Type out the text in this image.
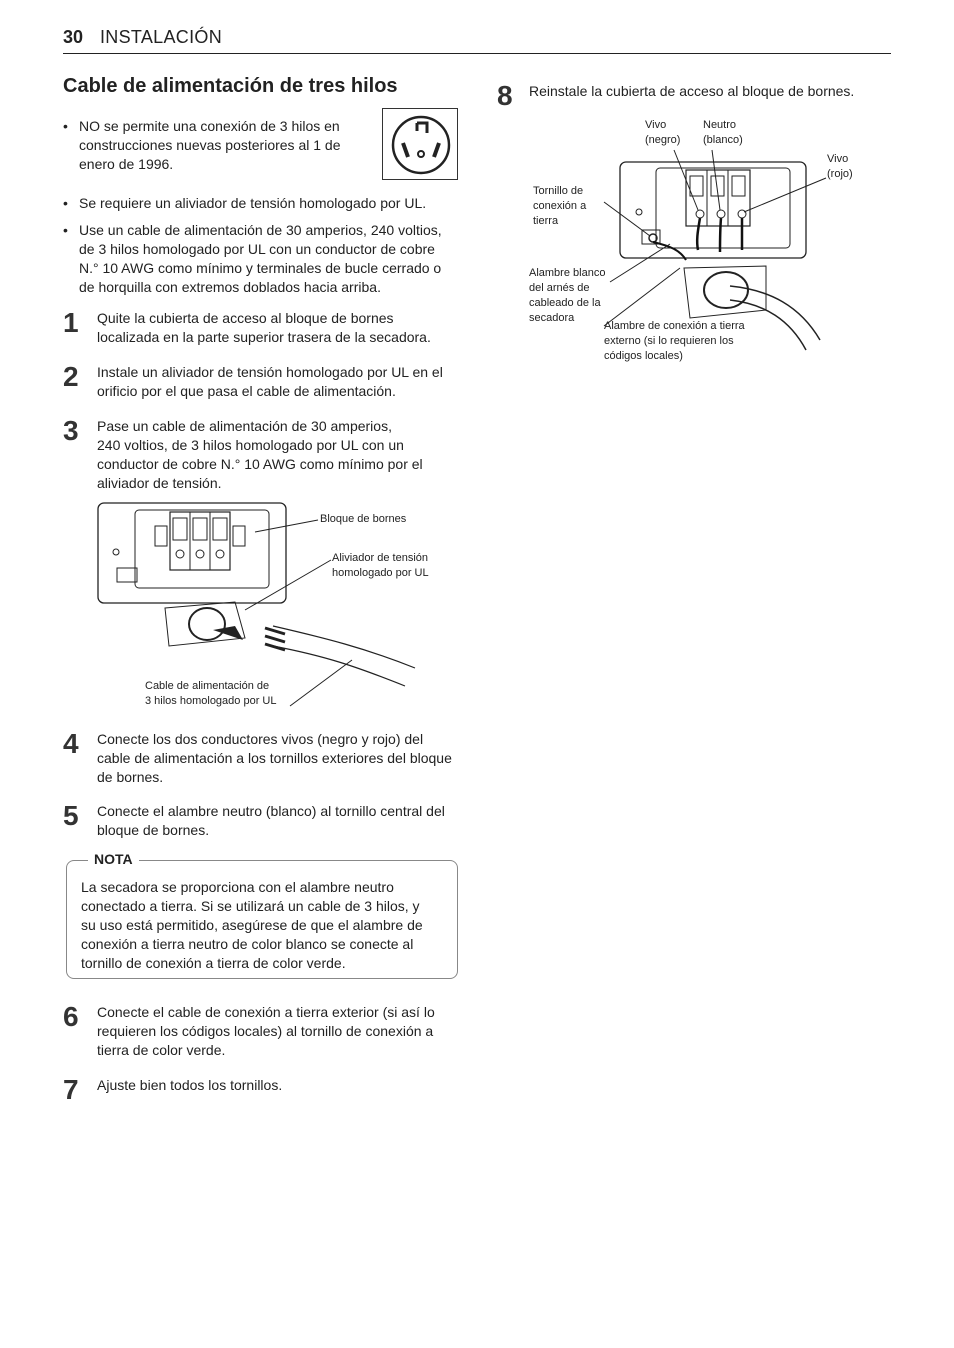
30 INSTALACIÓN
Cable de alimentación de tres hilos
• NO se permite una conexión de 3 hilos en
construcciones nuevas posteriores al 1 de
enero de 1996.
• Se requiere un aliviador de tensión homologado por UL.
• Use un cable de alimentación de 30 amperios, 240 voltios,
de 3 hilos homologado por UL con un conductor de cobre
N.° 10 AWG como mínimo y terminales de bucle cerrado o
de horquilla con extremos doblados hacia arriba.
1 Quite la cubierta de acceso al bloque de bornes
localizada en la parte superior trasera de la secadora.
2 Instale un aliviador de tensión homologado por UL en el
orificio por el que pasa el cable de alimentación.
3 Pase un cable de alimentación de 30 amperios,
240 voltios, de 3 hilos homologado por UL con un
conductor de cobre N.° 10 AWG como mínimo por el
aliviador de tensión.
Bloque de bornes
Aliviador de tensión
homologado por UL
Cable de alimentación de
3 hilos homologado por UL
4 Conecte los dos conductores vivos (negro y rojo) del
cable de alimentación a los tornillos exteriores del bloque
de bornes.
5 Conecte el alambre neutro (blanco) al tornillo central del
bloque de bornes.
NOTA
La secadora se proporciona con el alambre neutro
conectado a tierra. Si se utilizará un cable de 3 hilos, y
su uso está permitido, asegúrese de que el alambre de
conexión a tierra neutro de color blanco se conecte al
tornillo de conexión a tierra de color verde.
6 Conecte el cable de conexión a tierra exterior (si así lo
requieren los códigos locales) al tornillo de conexión a
tierra de color verde.
7 Ajuste bien todos los tornillos.
8 Reinstale la cubierta de acceso al bloque de bornes.
Vivo
(negro)
Neutro
(blanco)
Vivo
(rojo)
Tornillo de
conexión a
tierra
Alambre blanco
del arnés de
cableado de la
secadora
Alambre de conexión a tierra
externo (si lo requieren los
códigos locales)
